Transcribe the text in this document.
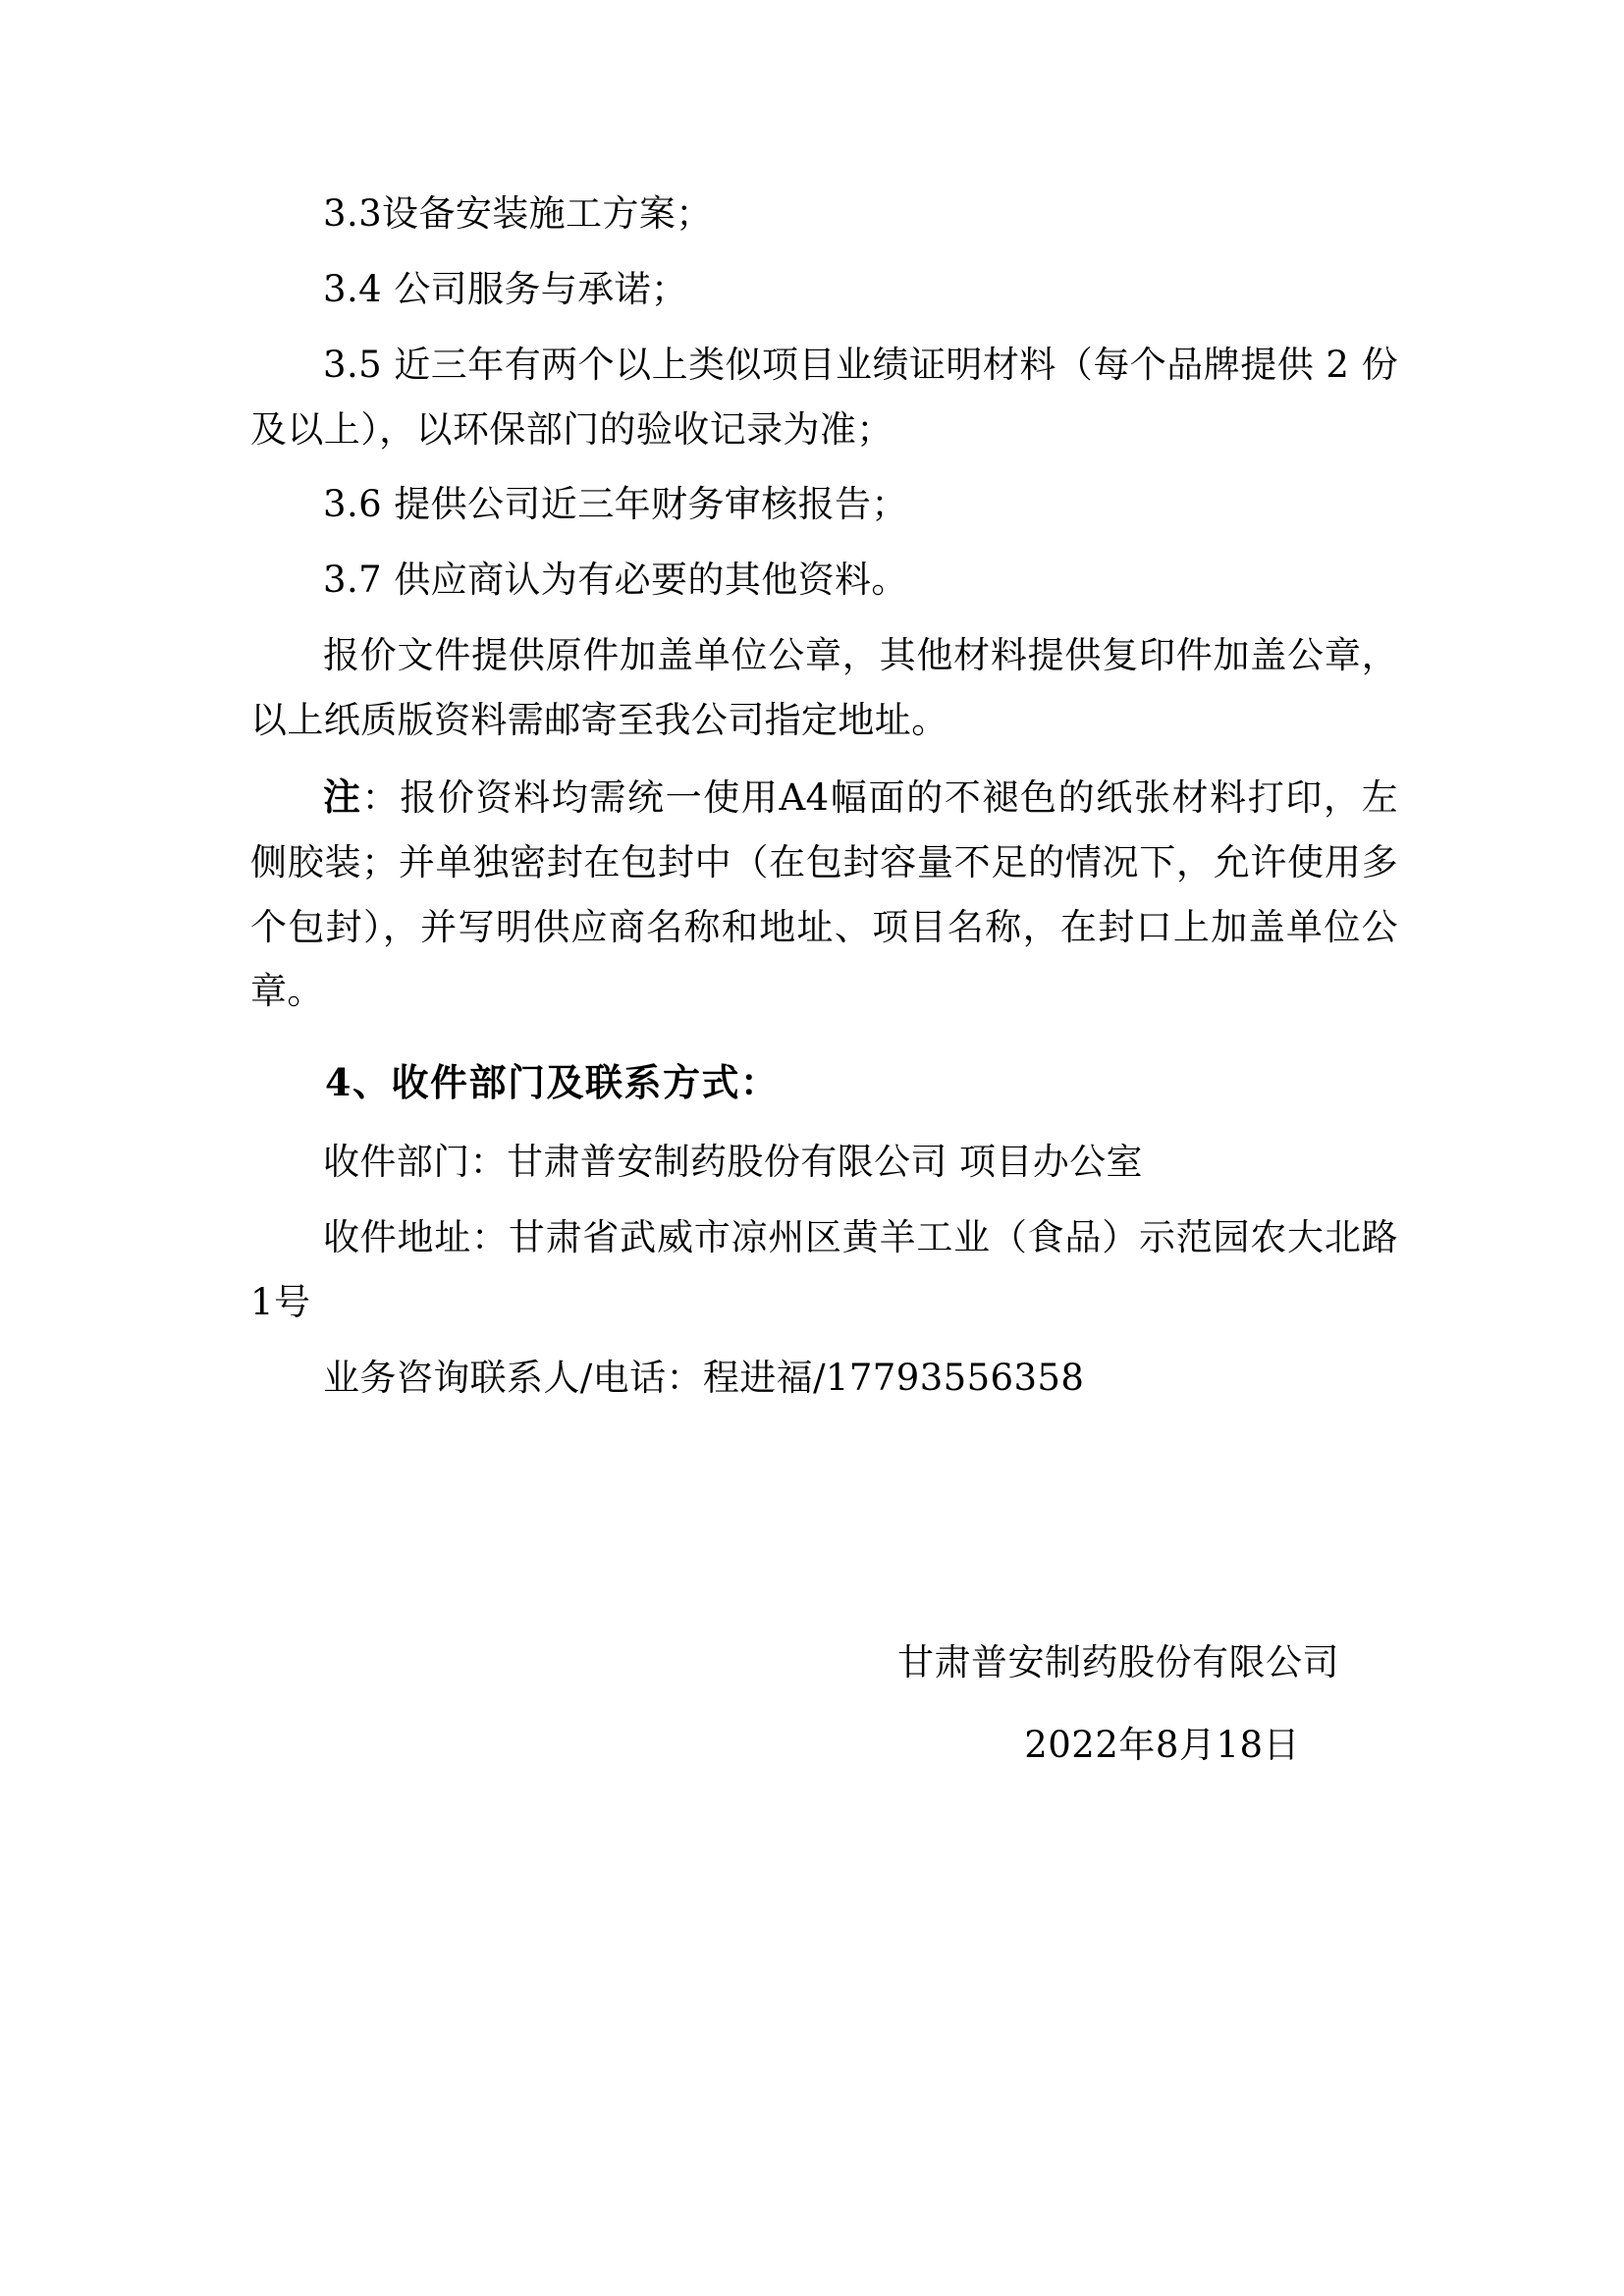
3.3设备安装施工方案；

3.4 公司服务与承诺；

3.5 近三年有两个以上类似项目业绩证明材料（每个品牌提供 2 份及以上），以环保部门的验收记录为准；

3.6 提供公司近三年财务审核报告；

3.7 供应商认为有必要的其他资料。

报价文件提供原件加盖单位公章，其他材料提供复印件加盖公章，以上纸质版资料需邮寄至我公司指定地址。

注：报价资料均需统一使用A4幅面的不褪色的纸张材料打印，左侧胶装；并单独密封在包封中（在包封容量不足的情况下，允许使用多个包封），并写明供应商名称和地址、项目名称，在封口上加盖单位公章。

4、收件部门及联系方式：

收件部门：甘肃普安制药股份有限公司 项目办公室

收件地址：甘肃省武威市凉州区黄羊工业（食品）示范园农大北路1号

业务咨询联系人/电话：程进福/17793556358

甘肃普安制药股份有限公司

2022年8月18日
